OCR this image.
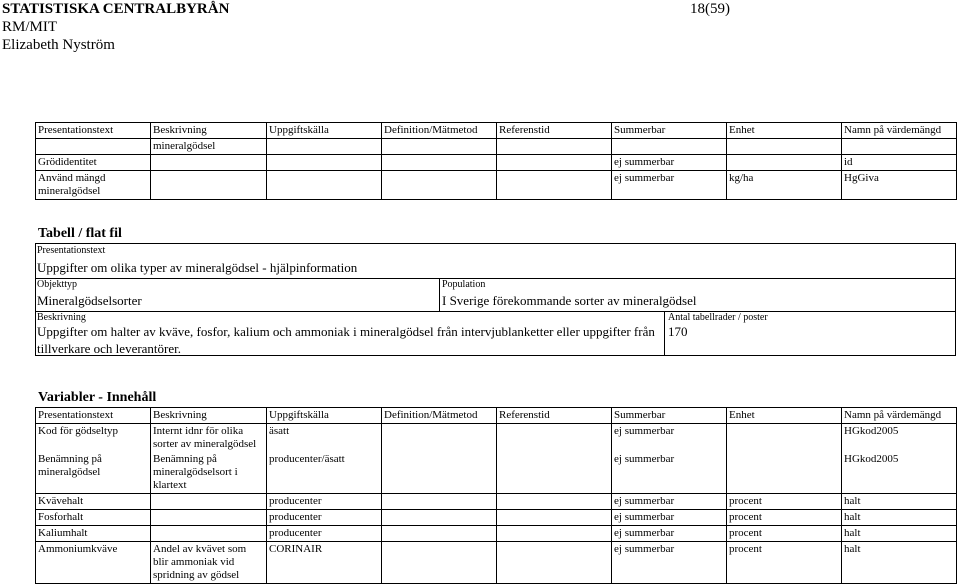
STATISTISKA CENTRALBYRÅN
RM/MIT
Elizabeth Nyström
18(59)
Presentationstext	Beskrivning	Uppgiftskälla	Definition/Mätmetod	Referenstid	Summerbar	Enhet	Namn på värdemängd
	mineralgödsel						
Grödidentitet					ej summerbar		id
Använd mängd mineralgödsel					ej summerbar	kg/ha	HgGiva
Tabell / flat fil
Presentationstext
Uppgifter om olika typer av mineralgödsel - hjälpinformation
Objekttyp
Mineralgödselsorter
Population
I Sverige förekommande sorter av mineralgödsel
Beskrivning
Uppgifter om halter av kväve, fosfor, kalium och ammoniak i mineralgödsel från intervjublanketter eller uppgifter från tillverkare och leverantörer.
Antal tabellrader / poster
170
Variabler - Innehåll
Presentationstext	Beskrivning	Uppgiftskälla	Definition/Mätmetod	Referenstid	Summerbar	Enhet	Namn på värdemängd
Kod för gödseltyp	Internt idnr för olika sorter av mineralgödsel	äsatt			ej summerbar		HGkod2005
Benämning på mineralgödsel	Benämning på mineralgödselsort i klartext	producenter/äsatt			ej summerbar		HGkod2005
Kvävehalt		producenter			ej summerbar	procent	halt
Fosforhalt		producenter			ej summerbar	procent	halt
Kaliumhalt		producenter			ej summerbar	procent	halt
Ammoniumkväve	Andel av kvävet som blir ammoniak vid spridning av gödsel	CORINAIR			ej summerbar	procent	halt
